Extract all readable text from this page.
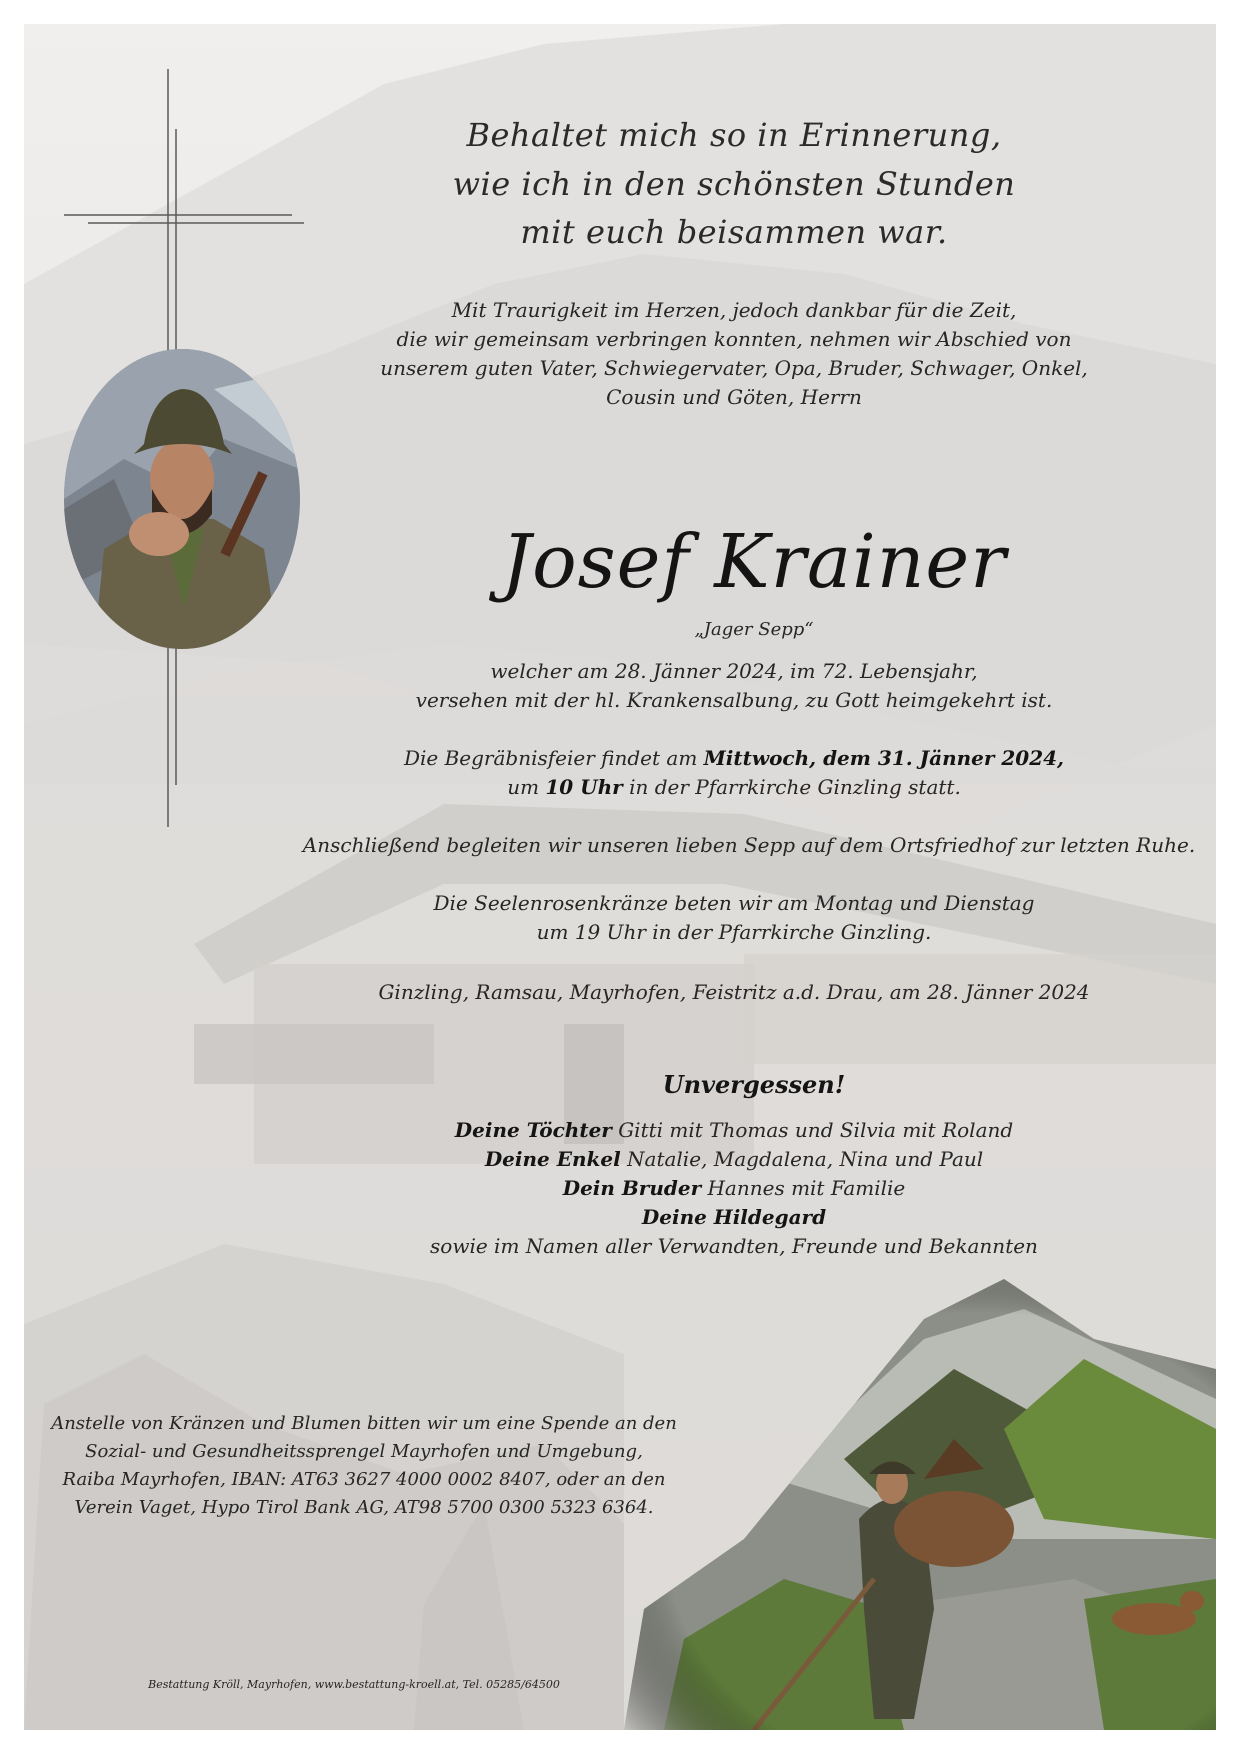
Behaltet mich so in Erinnerung,
wie ich in den schönsten Stunden
mit euch beisammen war.
Mit Traurigkeit im Herzen, jedoch dankbar für die Zeit,
die wir gemeinsam verbringen konnten, nehmen wir Abschied von
unserem guten Vater, Schwiegervater, Opa, Bruder, Schwager, Onkel,
Cousin und Göten, Herrn
Josef Krainer
„Jager Sepp“
welcher am 28. Jänner 2024, im 72. Lebensjahr,
versehen mit der hl. Krankensalbung, zu Gott heimgekehrt ist.
Die Begräbnisfeier findet am Mittwoch, dem 31. Jänner 2024,
um 10 Uhr in der Pfarrkirche Ginzling statt.
Anschließend begleiten wir unseren lieben Sepp auf dem Ortsfriedhof zur letzten Ruhe.
Die Seelenrosenkränze beten wir am Montag und Dienstag
um 19 Uhr in der Pfarrkirche Ginzling.
Ginzling, Ramsau, Mayrhofen, Feistritz a.d. Drau, am 28. Jänner 2024
Unvergessen!
Deine Töchter Gitti mit Thomas und Silvia mit Roland
Deine Enkel Natalie, Magdalena, Nina und Paul
Dein Bruder Hannes mit Familie
Deine Hildegard
sowie im Namen aller Verwandten, Freunde und Bekannten
Anstelle von Kränzen und Blumen bitten wir um eine Spende an den
Sozial- und Gesundheitssprengel Mayrhofen und Umgebung,
Raiba Mayrhofen, IBAN: AT63 3627 4000 0002 8407, oder an den
Verein Vaget, Hypo Tirol Bank AG, AT98 5700 0300 5323 6364.
Bestattung Kröll, Mayrhofen, www.bestattung-kroell.at, Tel. 05285/64500
